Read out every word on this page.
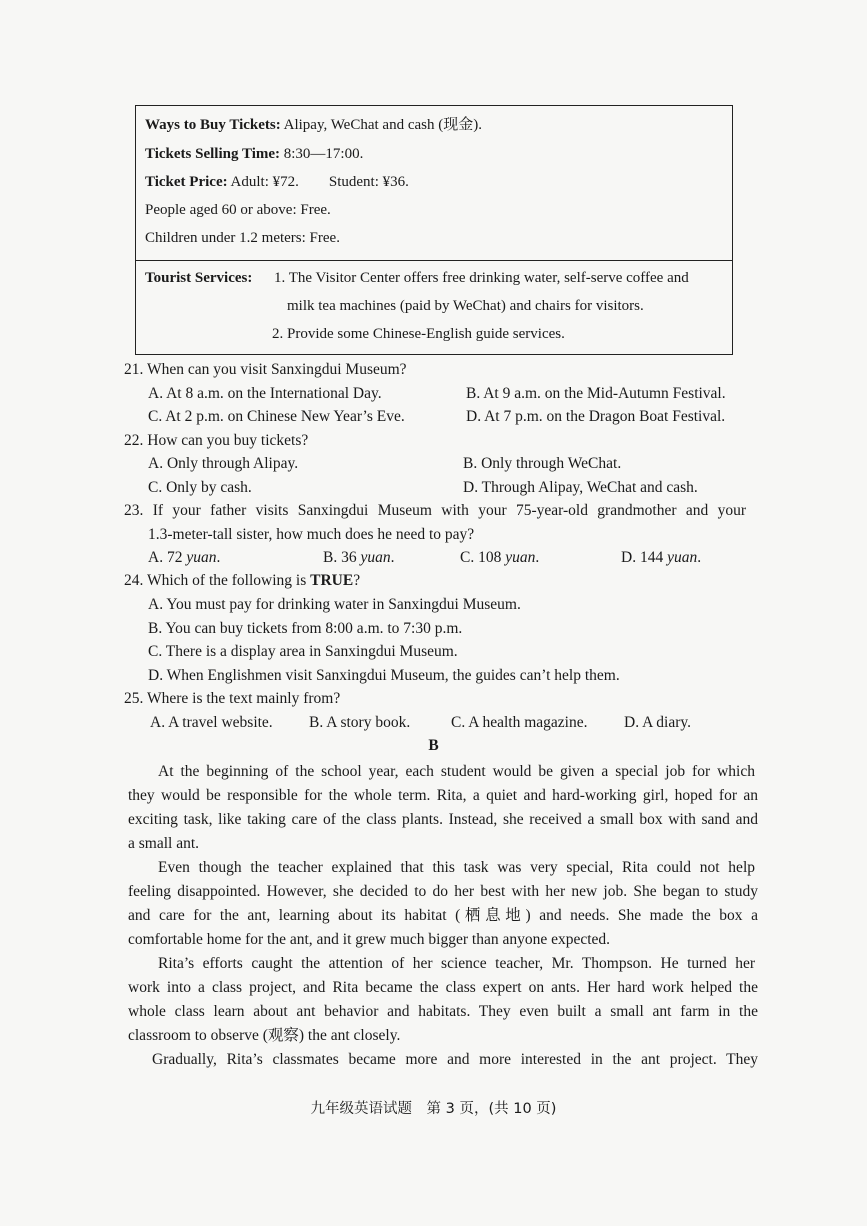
Ways to Buy Tickets: Alipay, WeChat and cash (现金).
Tickets Selling Time: 8:30—17:00.
Ticket Price: Adult: ¥72. Student: ¥36.
People aged 60 or above: Free.
Children under 1.2 meters: Free.
Tourist Services: 1. The Visitor Center offers free drinking water, self-serve coffee and
milk tea machines (paid by WeChat) and chairs for visitors.
2. Provide some Chinese-English guide services.
21. When can you visit Sanxingdui Museum?
A. At 8 a.m. on the International Day.	B. At 9 a.m. on the Mid-Autumn Festival.
C. At 2 p.m. on Chinese New Year’s Eve.	D. At 7 p.m. on the Dragon Boat Festival.
22. How can you buy tickets?
A. Only through Alipay.	B. Only through WeChat.
C. Only by cash.	D. Through Alipay, WeChat and cash.
23. If your father visits Sanxingdui Museum with your 75-year-old grandmother and your
1.3-meter-tall sister, how much does he need to pay?
A. 72 yuan.	B. 36 yuan.	C. 108 yuan.	D. 144 yuan.
24. Which of the following is TRUE?
A. You must pay for drinking water in Sanxingdui Museum.
B. You can buy tickets from 8:00 a.m. to 7:30 p.m.
C. There is a display area in Sanxingdui Museum.
D. When Englishmen visit Sanxingdui Museum, the guides can’t help them.
25. Where is the text mainly from?
A. A travel website. B. A story book.	C. A health magazine. D. A diary.
B
At the beginning of the school year, each student would be given a special job for which
they would be responsible for the whole term. Rita, a quiet and hard-working girl, hoped for an
exciting task, like taking care of the class plants. Instead, she received a small box with sand and
a small ant.
Even though the teacher explained that this task was very special, Rita could not help
feeling disappointed. However, she decided to do her best with her new job. She began to study
and care for the ant, learning about its habitat (栖息地) and needs. She made the box a
comfortable home for the ant, and it grew much bigger than anyone expected.
Rita’s efforts caught the attention of her science teacher, Mr. Thompson. He turned her
work into a class project, and Rita became the class expert on ants. Her hard work helped the
whole class learn about ant behavior and habitats. They even built a small ant farm in the
classroom to observe (观察) the ant closely.
Gradually, Rita’s classmates became more and more interested in the ant project. They
九年级英语试题　第 3 页，(共 10 页)
